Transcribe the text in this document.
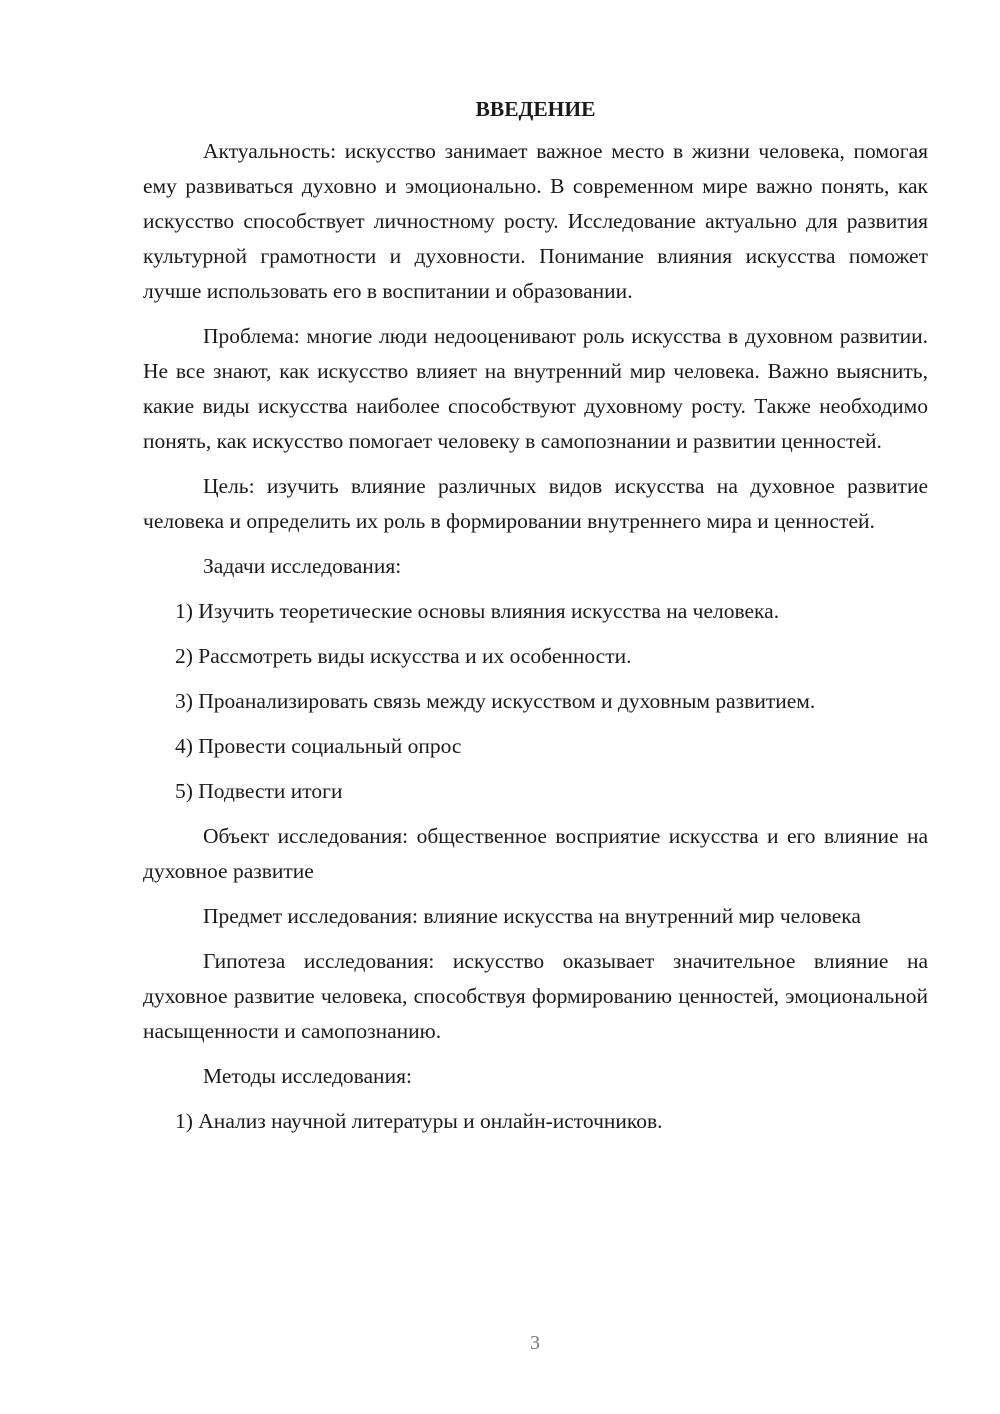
ВВЕДЕНИЕ

Актуальность: искусство занимает важное место в жизни человека, помогая ему развиваться духовно и эмоционально. В современном мире важно понять, как искусство способствует личностному росту. Исследование актуально для развития культурной грамотности и духовности. Понимание влияния искусства поможет лучше использовать его в воспитании и образовании.

Проблема: многие люди недооценивают роль искусства в духовном развитии. Не все знают, как искусство влияет на внутренний мир человека. Важно выяснить, какие виды искусства наиболее способствуют духовному росту. Также необходимо понять, как искусство помогает человеку в самопознании и развитии ценностей.

Цель: изучить влияние различных видов искусства на духовное развитие человека и определить их роль в формировании внутреннего мира и ценностей.

Задачи исследования:

1) Изучить теоретические основы влияния искусства на человека.

2) Рассмотреть виды искусства и их особенности.

3) Проанализировать связь между искусством и духовным развитием.

4) Провести социальный опрос

5) Подвести итоги

Объект исследования: общественное восприятие искусства и его влияние на духовное развитие

Предмет исследования: влияние искусства на внутренний мир человека

Гипотеза исследования: искусство оказывает значительное влияние на духовное развитие человека, способствуя формированию ценностей, эмоциональной насыщенности и самопознанию.

Методы исследования:

1) Анализ научной литературы и онлайн-источников.

3
